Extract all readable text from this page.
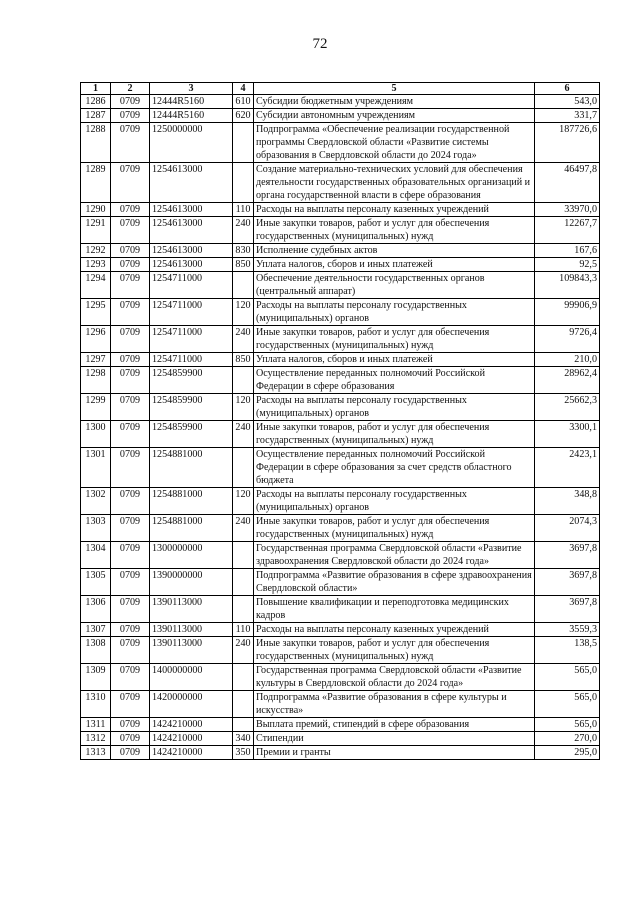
72
1	2	3	4	5	6
1286	0709	12444R5160	610	Субсидии бюджетным учреждениям	543,0
1287	0709	12444R5160	620	Субсидии автономным учреждениям	331,7
1288	0709	1250000000		Подпрограмма «Обеспечение реализации государственной программы Свердловской области «Развитие системы образования в Свердловской области до 2024 года»	187726,6
1289	0709	1254613000		Создание материально-технических условий для обеспечения деятельности государственных образовательных организаций и органа государственной власти в сфере образования	46497,8
1290	0709	1254613000	110	Расходы на выплаты персоналу казенных учреждений	33970,0
1291	0709	1254613000	240	Иные закупки товаров, работ и услуг для обеспечения государственных (муниципальных) нужд	12267,7
1292	0709	1254613000	830	Исполнение судебных актов	167,6
1293	0709	1254613000	850	Уплата налогов, сборов и иных платежей	92,5
1294	0709	1254711000		Обеспечение деятельности государственных органов (центральный аппарат)	109843,3
1295	0709	1254711000	120	Расходы на выплаты персоналу государственных (муниципальных) органов	99906,9
1296	0709	1254711000	240	Иные закупки товаров, работ и услуг для обеспечения государственных (муниципальных) нужд	9726,4
1297	0709	1254711000	850	Уплата налогов, сборов и иных платежей	210,0
1298	0709	1254859900		Осуществление переданных полномочий Российской Федерации в сфере образования	28962,4
1299	0709	1254859900	120	Расходы на выплаты персоналу государственных (муниципальных) органов	25662,3
1300	0709	1254859900	240	Иные закупки товаров, работ и услуг для обеспечения государственных (муниципальных) нужд	3300,1
1301	0709	1254881000		Осуществление переданных полномочий Российской Федерации в сфере образования за счет средств областного бюджета	2423,1
1302	0709	1254881000	120	Расходы на выплаты персоналу государственных (муниципальных) органов	348,8
1303	0709	1254881000	240	Иные закупки товаров, работ и услуг для обеспечения государственных (муниципальных) нужд	2074,3
1304	0709	1300000000		Государственная программа Свердловской области «Развитие здравоохранения Свердловской области до 2024 года»	3697,8
1305	0709	1390000000		Подпрограмма «Развитие образования в сфере здравоохранения Свердловской области»	3697,8
1306	0709	1390113000		Повышение квалификации и переподготовка медицинских кадров	3697,8
1307	0709	1390113000	110	Расходы на выплаты персоналу казенных учреждений	3559,3
1308	0709	1390113000	240	Иные закупки товаров, работ и услуг для обеспечения государственных (муниципальных) нужд	138,5
1309	0709	1400000000		Государственная программа Свердловской области «Развитие культуры в Свердловской области до 2024 года»	565,0
1310	0709	1420000000		Подпрограмма «Развитие образования в сфере культуры и искусства»	565,0
1311	0709	1424210000		Выплата премий, стипендий в сфере образования	565,0
1312	0709	1424210000	340	Стипендии	270,0
1313	0709	1424210000	350	Премии и гранты	295,0
